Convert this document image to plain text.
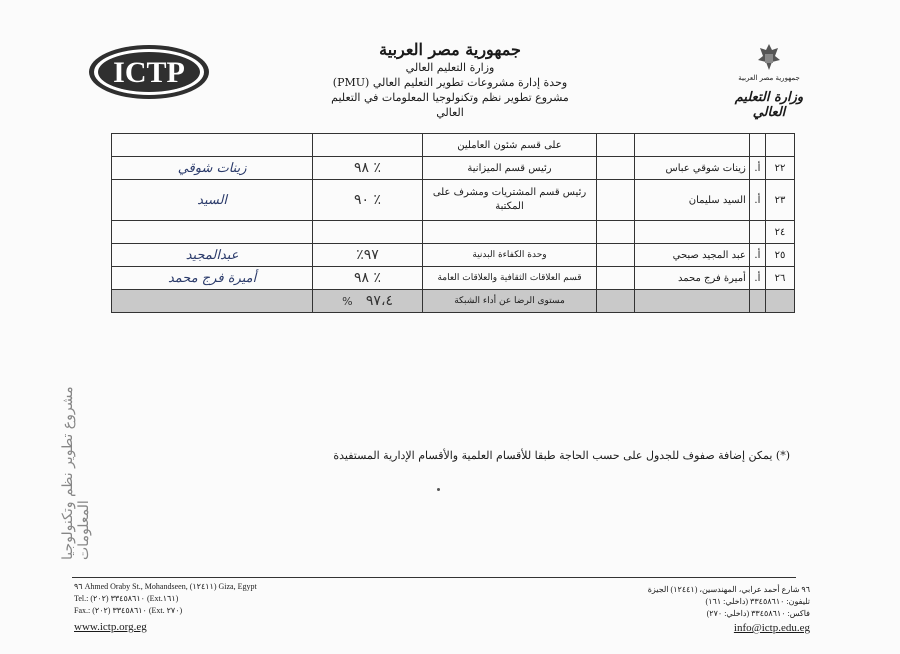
ICTP
جمهورية مصر العربية
وزارة التعليم العالي
وحدة إدارة مشروعات تطوير التعليم العالي (PMU)
مشروع تطوير نظم وتكنولوجيا المعلومات في التعليم العالي
جمهورية مصر العربية
وزارة التعليم العالي
				على قسم شئون العاملين		
٢٢	أ.	زينات شوقي عباس		رئيس قسم الميزانية	٪ ٩٨	زينات شوقي
٢٣	أ.	السيد سليمان		رئيس قسم المشتريات ومشرف على المكتبة	٪ ٩٠	السيد
٢٤						
٢٥	أ.	عبد المجيد صبحي		وحدة الكفاءة البدنية	٩٧٪	عبدالمجيد
٢٦	أ.	أميرة فرج محمد		قسم العلاقات الثقافية والعلاقات العامة	٪ ٩٨	أميرة فرج محمد
				مستوى الرضا عن أداء الشبكة	٩٧،٤   %	
مشروع تطوير نظم وتكنولوجيا المعلومات
(*) يمكن إضافة صفوف للجدول على حسب الحاجة طبقا للأقسام العلمية والأقسام الإدارية المستفيدة
٩٦ Ahmed Oraby St., Mohandseen, (١٢٤١١) Giza, Egypt
Tel.: (٢٠٢) ٣٣٤٥٨٦١٠ (Ext.١٦١)
Fax.: (٢٠٢) ٣٣٤٥٨٦١٠ (Ext. ٢٧٠)
www.ictp.org.eg
٩٦ شارع أحمد عرابي، المهندسين، (١٢٤٤١) الجيزة
تليفون: ٣٣٤٥٨٦١٠ (داخلي: ١٦١)
فاكس: ٣٣٤٥٨٦١٠ (داخلي: ٢٧٠)
info@ictp.edu.eg
